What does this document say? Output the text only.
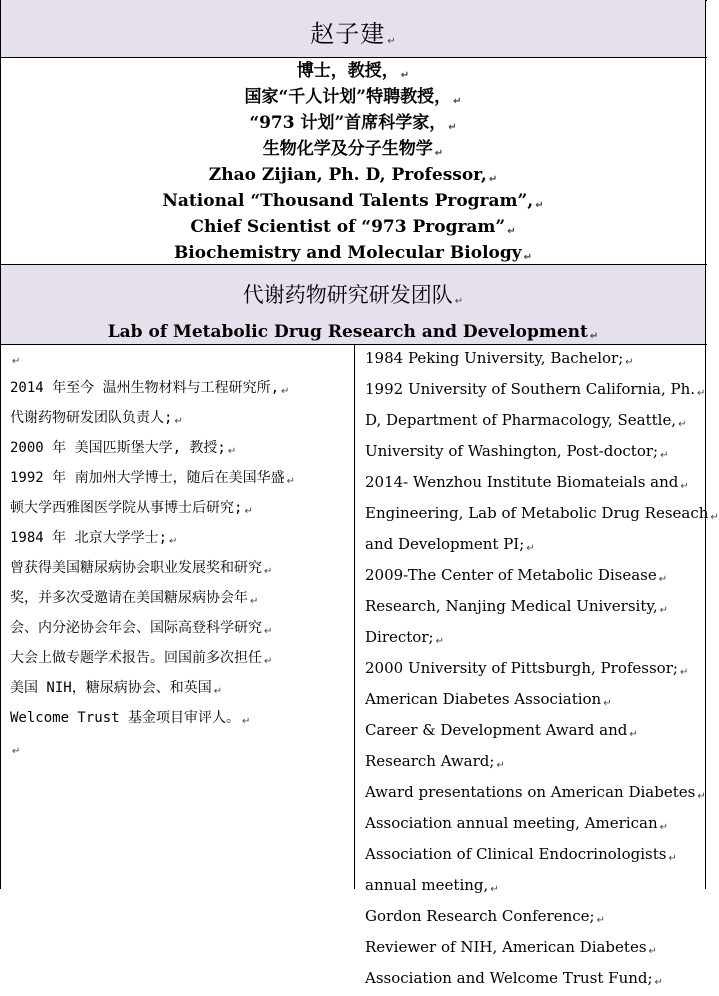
赵子建 ↵
博士，教授， ↵
国家“千人计划”特聘教授， ↵
“973 计划”首席科学家， ↵
生物化学及分子生物学 ↵
Zhao Zijian, Ph. D, Professor, ↵
National “Thousand Talents Program”, ↵
Chief Scientist of “973 Program” ↵
Biochemistry and Molecular Biology ↵
代谢药物研究研发团队 ↵
Lab of Metabolic Drug Research and Development ↵
↵
2014 年至今 温州生物材料与工程研究所, ↵
代谢药物研发团队负责人; ↵
2000 年 美国匹斯堡大学, 教授; ↵
1992 年 南加州大学博士，随后在美国华盛 ↵
顿大学西雅图医学院从事博士后研究; ↵
1984 年 北京大学学士; ↵
曾获得美国糖尿病协会职业发展奖和研究 ↵
奖，并多次受邀请在美国糖尿病协会年 ↵
会、内分泌协会年会、国际高登科学研究 ↵
大会上做专题学术报告。回国前多次担任 ↵
美国 NIH，糖尿病协会、和英国 ↵
Welcome Trust 基金项目审评人。 ↵
↵
1984 Peking University, Bachelor; ↵
1992 University of Southern California, Ph. ↵
D, Department of Pharmacology, Seattle, ↵
University of Washington, Post-doctor; ↵
2014- Wenzhou Institute Biomateials and ↵
Engineering, Lab of Metabolic Drug Reseach ↵
and Development PI; ↵
2009-The Center of Metabolic Disease ↵
Research, Nanjing Medical University, ↵
Director; ↵
2000 University of Pittsburgh, Professor; ↵
American Diabetes Association ↵
Career & Development Award and ↵
Research Award; ↵
Award presentations on American Diabetes ↵
Association annual meeting, American ↵
Association of Clinical Endocrinologists ↵
annual meeting, ↵
Gordon Research Conference; ↵
Reviewer of NIH, American Diabetes ↵
Association and Welcome Trust Fund; ↵
